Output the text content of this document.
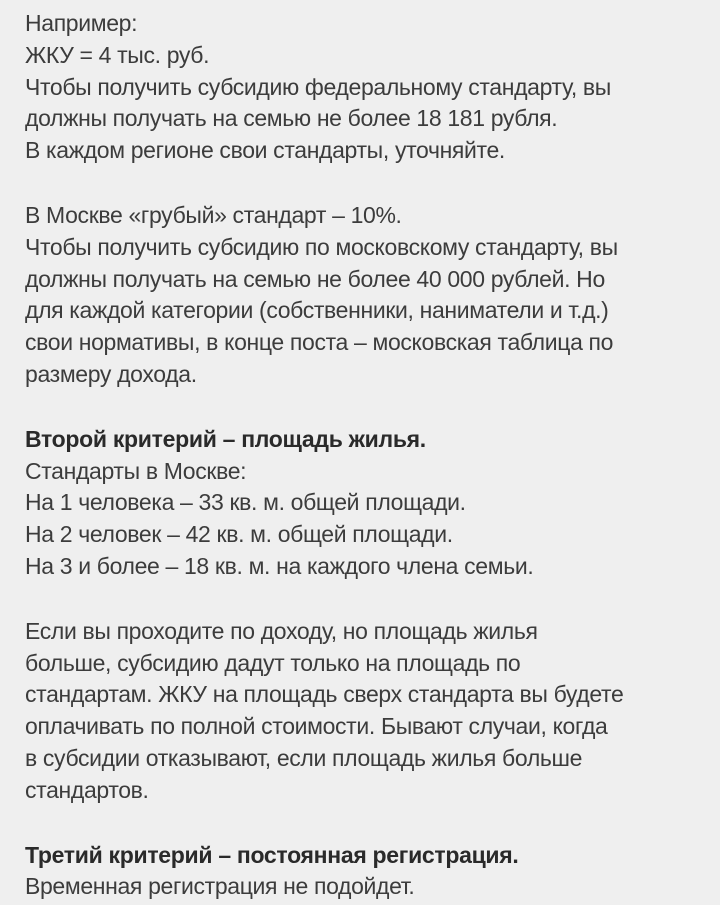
Например:
ЖКУ = 4 тыс. руб.
Чтобы получить субсидию федеральному стандарту, вы
должны получать на семью не более 18 181 рубля.
В каждом регионе свои стандарты, уточняйте.
В Москве «грубый» стандарт – 10%.
Чтобы получить субсидию по московскому стандарту, вы
должны получать на семью не более 40 000 рублей. Но
для каждой категории (собственники, наниматели и т.д.)
свои нормативы, в конце поста – московская таблица по
размеру дохода.
Второй критерий – площадь жилья.
Стандарты в Москве:
На 1 человека – 33 кв. м. общей площади.
На 2 человек – 42 кв. м. общей площади.
На 3 и более – 18 кв. м. на каждого члена семьи.
Если вы проходите по доходу, но площадь жилья
больше, субсидию дадут только на площадь по
стандартам. ЖКУ на площадь сверх стандарта вы будете
оплачивать по полной стоимости. Бывают случаи, когда
в субсидии отказывают, если площадь жилья больше
стандартов.
Третий критерий – постоянная регистрация.
Временная регистрация не подойдет.
